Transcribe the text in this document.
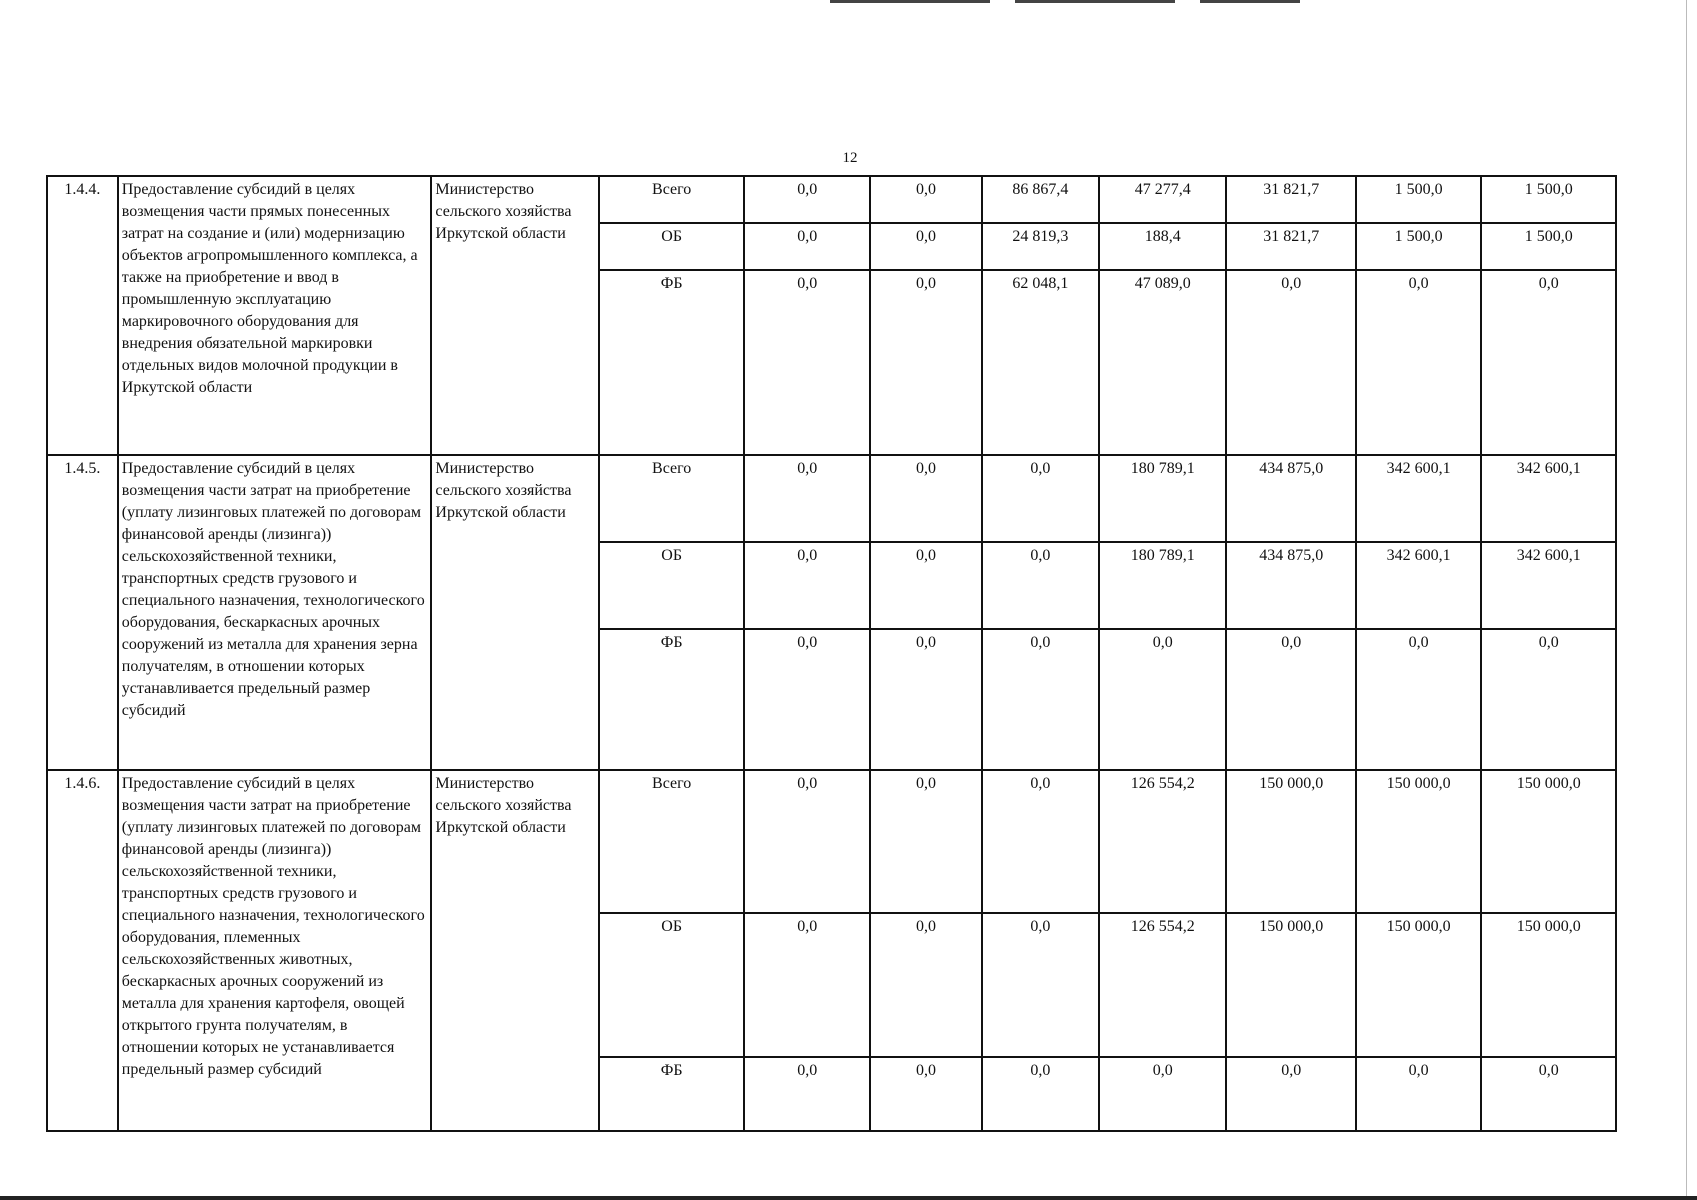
12
1.4.4.	Предоставление субсидий в целях возмещения части прямых понесенных затрат на создание и (или) модернизацию объектов агропромышленного комплекса, а также на приобретение и ввод в промышленную эксплуатацию маркировочного оборудования для внедрения обязательной маркировки отдельных видов молочной продукции в Иркутской области	Министерство сельского хозяйства Иркутской области	Всего	0,0	0,0	86 867,4	47 277,4	31 821,7	1 500,0	1 500,0
			ОБ	0,0	0,0	24 819,3	188,4	31 821,7	1 500,0	1 500,0
			ФБ	0,0	0,0	62 048,1	47 089,0	0,0	0,0	0,0
1.4.5.	Предоставление субсидий в целях возмещения части затрат на приобретение (уплату лизинговых платежей по договорам финансовой аренды (лизинга)) сельскохозяйственной техники, транспортных средств грузового и специального назначения, технологического оборудования, бескаркасных арочных сооружений из металла для хранения зерна получателям, в отношении которых устанавливается предельный размер субсидий	Министерство сельского хозяйства Иркутской области	Всего	0,0	0,0	0,0	180 789,1	434 875,0	342 600,1	342 600,1
			ОБ	0,0	0,0	0,0	180 789,1	434 875,0	342 600,1	342 600,1
			ФБ	0,0	0,0	0,0	0,0	0,0	0,0	0,0
1.4.6.	Предоставление субсидий в целях возмещения части затрат на приобретение (уплату лизинговых платежей по договорам финансовой аренды (лизинга)) сельскохозяйственной техники, транспортных средств грузового и специального назначения, технологического оборудования, племенных сельскохозяйственных животных, бескаркасных арочных сооружений из металла для хранения картофеля, овощей открытого грунта получателям, в отношении которых не устанавливается предельный размер субсидий	Министерство сельского хозяйства Иркутской области	Всего	0,0	0,0	0,0	126 554,2	150 000,0	150 000,0	150 000,0
			ОБ	0,0	0,0	0,0	126 554,2	150 000,0	150 000,0	150 000,0
			ФБ	0,0	0,0	0,0	0,0	0,0	0,0	0,0
